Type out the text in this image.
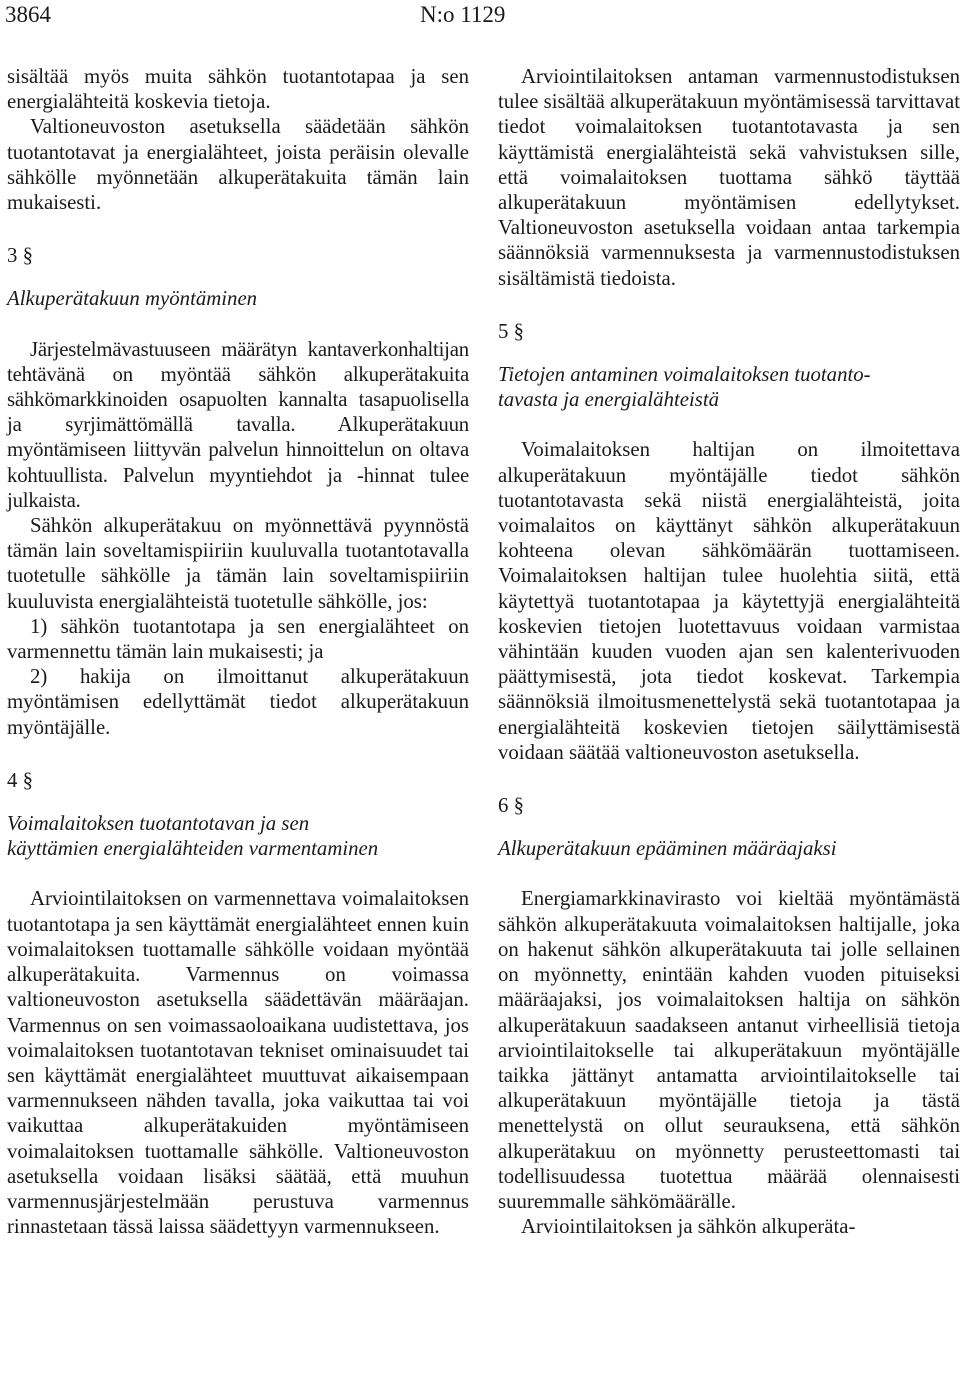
3864	N:o 1129

sisältää myös muita sähkön tuotantotapaa ja sen energialähteitä koskevia tietoja.

Valtioneuvoston asetuksella säädetään sähkön tuotantotavat ja energialähteet, joista peräisin olevalle sähkölle myönnetään alkuperätakuita tämän lain mukaisesti.

3 §

Alkuperätakuun myöntäminen

Järjestelmävastuuseen määrätyn kantaverkonhaltijan tehtävänä on myöntää sähkön alkuperätakuita sähkömarkkinoiden osapuolten kannalta tasapuolisella ja syrjimättömällä tavalla. Alkuperätakuun myöntämiseen liittyvän palvelun hinnoittelun on oltava kohtuullista. Palvelun myyntiehdot ja -hinnat tulee julkaista.

Sähkön alkuperätakuu on myönnettävä pyynnöstä tämän lain soveltamispiiriin kuuluvalla tuotantotavalla tuotetulle sähkölle ja tämän lain soveltamispiiriin kuuluvista energialähteistä tuotetulle sähkölle, jos:

1) sähkön tuotantotapa ja sen energialähteet on varmennettu tämän lain mukaisesti; ja

2) hakija on ilmoittanut alkuperätakuun myöntämisen edellyttämät tiedot alkuperätakuun myöntäjälle.

4 §

Voimalaitoksen tuotantotavan ja sen

käyttämien energialähteiden varmentaminen

Arviointilaitoksen on varmennettava voimalaitoksen tuotantotapa ja sen käyttämät energialähteet ennen kuin voimalaitoksen tuottamalle sähkölle voidaan myöntää alkuperätakuita. Varmennus on voimassa valtioneuvoston asetuksella säädettävän määräajan. Varmennus on sen voimassaoloaikana uudistettava, jos voimalaitoksen tuotantotavan tekniset ominaisuudet tai sen käyttämät energialähteet muuttuvat aikaisempaan varmennukseen nähden tavalla, joka vaikuttaa tai voi vaikuttaa alkuperätakuiden myöntämiseen voimalaitoksen tuottamalle sähkölle. Valtioneuvoston asetuksella voidaan lisäksi säätää, että muuhun varmennusjärjestelmään perustuva varmennus rinnastetaan tässä laissa säädettyyn varmennukseen.

Arviointilaitoksen antaman varmennustodistuksen tulee sisältää alkuperätakuun myöntämisessä tarvittavat tiedot voimalaitoksen tuotantotavasta ja sen käyttämistä energialähteistä sekä vahvistuksen sille, että voimalaitoksen tuottama sähkö täyttää alkuperätakuun myöntämisen edellytykset. Valtioneuvoston asetuksella voidaan antaa tarkempia säännöksiä varmennuksesta ja varmennustodistuksen sisältämistä tiedoista.

5 §

Tietojen antaminen voimalaitoksen tuotanto-

tavasta ja energialähteistä

Voimalaitoksen haltijan on ilmoitettava alkuperätakuun myöntäjälle tiedot sähkön tuotantotavasta sekä niistä energialähteistä, joita voimalaitos on käyttänyt sähkön alkuperätakuun kohteena olevan sähkömäärän tuottamiseen. Voimalaitoksen haltijan tulee huolehtia siitä, että käytettyä tuotantotapaa ja käytettyjä energialähteitä koskevien tietojen luotettavuus voidaan varmistaa vähintään kuuden vuoden ajan sen kalenterivuoden päättymisestä, jota tiedot koskevat. Tarkempia säännöksiä ilmoitusmenettelystä sekä tuotantotapaa ja energialähteitä koskevien tietojen säilyttämisestä voidaan säätää valtioneuvoston asetuksella.

6 §

Alkuperätakuun epääminen määräajaksi

Energiamarkkinavirasto voi kieltää myöntämästä sähkön alkuperätakuuta voimalaitoksen haltijalle, joka on hakenut sähkön alkuperätakuuta tai jolle sellainen on myönnetty, enintään kahden vuoden pituiseksi määräajaksi, jos voimalaitoksen haltija on sähkön alkuperätakuun saadakseen antanut virheellisiä tietoja arviointilaitokselle tai alkuperätakuun myöntäjälle taikka jättänyt antamatta arviointilaitokselle tai alkuperätakuun myöntäjälle tietoja ja tästä menettelystä on ollut seurauksena, että sähkön alkuperätakuu on myönnetty perusteettomasti tai todellisuudessa tuotettua määrää olennaisesti suuremmalle sähkömäärälle.

Arviointilaitoksen ja sähkön alkuperäta-
